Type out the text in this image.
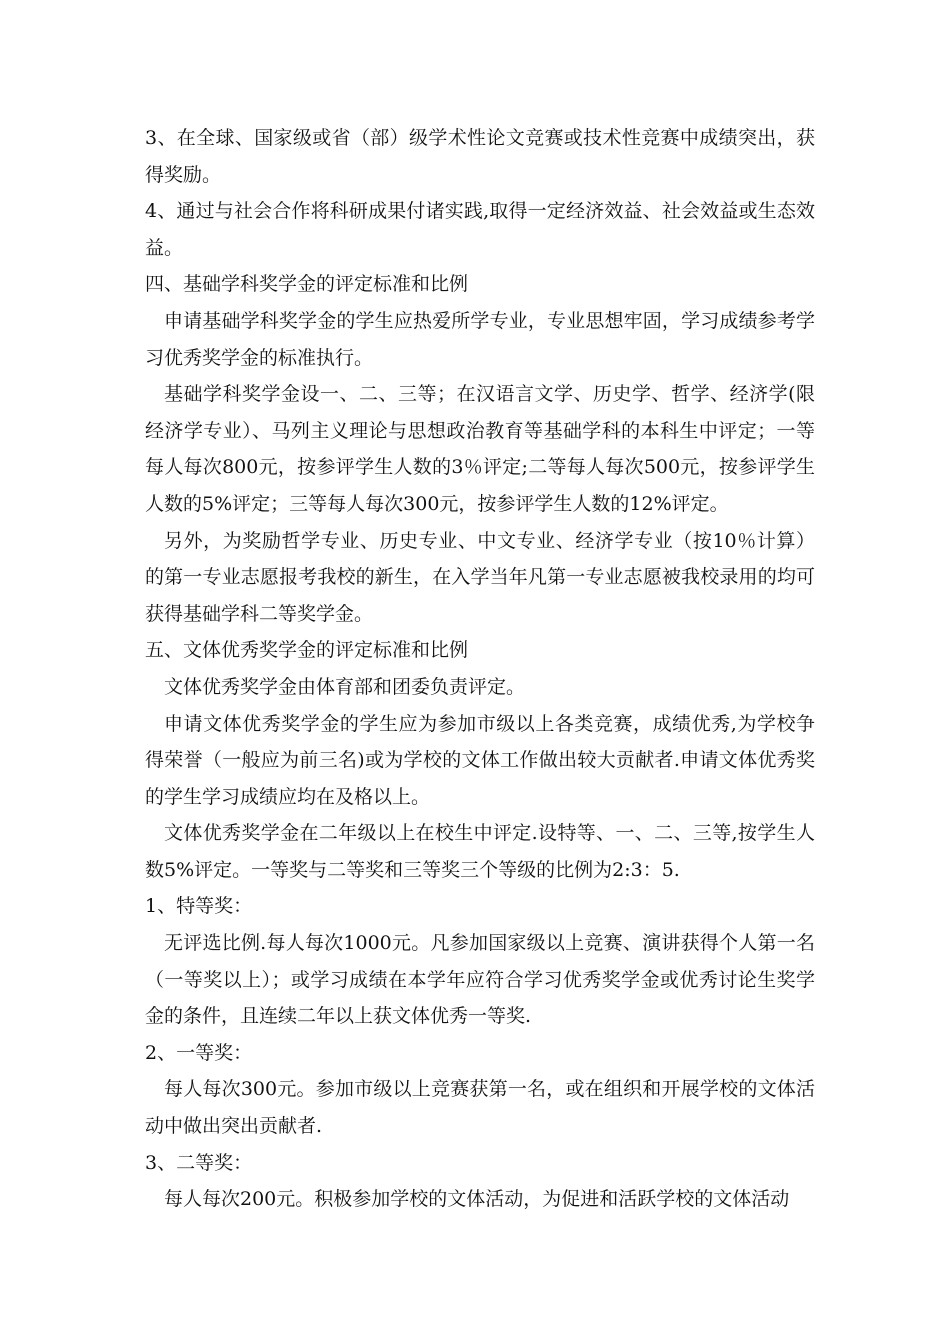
3、在全球、国家级或省（部）级学术性论文竞赛或技术性竞赛中成绩突出，获得奖励。

4、通过与社会合作将科研成果付诸实践,取得一定经济效益、社会效益或生态效益。

四、基础学科奖学金的评定标准和比例

申请基础学科奖学金的学生应热爱所学专业，专业思想牢固，学习成绩参考学习优秀奖学金的标准执行。

基础学科奖学金设一、二、三等；在汉语言文学、历史学、哲学、经济学(限经济学专业）、马列主义理论与思想政治教育等基础学科的本科生中评定；一等每人每次800元，按参评学生人数的3％评定;二等每人每次500元，按参评学生人数的5%评定；三等每人每次300元，按参评学生人数的12%评定。

另外，为奖励哲学专业、历史专业、中文专业、经济学专业（按10％计算）的第一专业志愿报考我校的新生，在入学当年凡第一专业志愿被我校录用的均可获得基础学科二等奖学金。

五、文体优秀奖学金的评定标准和比例

文体优秀奖学金由体育部和团委负责评定。

申请文体优秀奖学金的学生应为参加市级以上各类竞赛，成绩优秀,为学校争得荣誉（一般应为前三名)或为学校的文体工作做出较大贡献者.申请文体优秀奖的学生学习成绩应均在及格以上。

文体优秀奖学金在二年级以上在校生中评定.设特等、一、二、三等,按学生人数5%评定。一等奖与二等奖和三等奖三个等级的比例为2:3：5.

1、特等奖：

无评选比例.每人每次1000元。凡参加国家级以上竞赛、演讲获得个人第一名（一等奖以上）；或学习成绩在本学年应符合学习优秀奖学金或优秀讨论生奖学金的条件，且连续二年以上获文体优秀一等奖.

2、一等奖：

每人每次300元。参加市级以上竞赛获第一名，或在组织和开展学校的文体活动中做出突出贡献者.

3、二等奖：

每人每次200元。积极参加学校的文体活动，为促进和活跃学校的文体活动
